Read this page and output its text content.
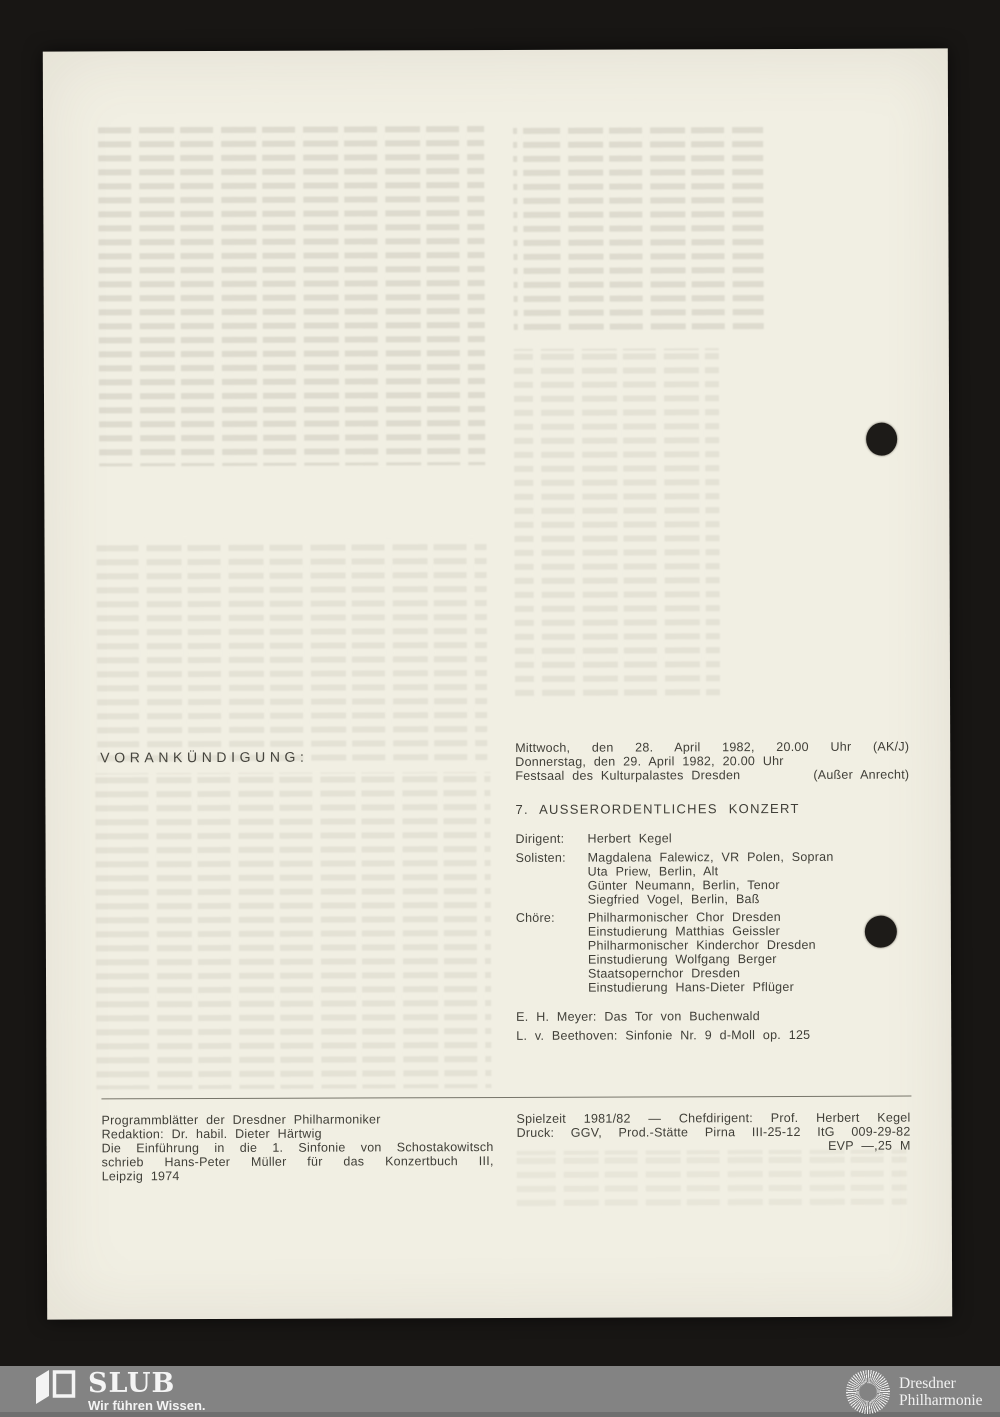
VORANKÜNDIGUNG:
Mittwoch, den 28. April 1982, 20.00 Uhr (AK/J)
Donnerstag, den 29. April 1982, 20.00 Uhr
Festsaal des Kulturpalastes Dresden	(Außer Anrecht)
7. AUSSERORDENTLICHES KONZERT
Dirigent:	Herbert Kegel
Solisten:	Magdalena Falewicz, VR Polen, Sopran
Uta Priew, Berlin, Alt
Günter Neumann, Berlin, Tenor
Siegfried Vogel, Berlin, Baß
Chöre:	Philharmonischer Chor Dresden
Einstudierung Matthias Geissler
Philharmonischer Kinderchor Dresden
Einstudierung Wolfgang Berger
Staatsopernchor Dresden
Einstudierung Hans-Dieter Pflüger
E. H. Meyer: Das Tor von Buchenwald
L. v. Beethoven: Sinfonie Nr. 9 d-Moll op. 125
Programmblätter der Dresdner Philharmoniker
Redaktion: Dr. habil. Dieter Härtwig
Die Einführung in die 1. Sinfonie von Schostakowitsch
schrieb Hans-Peter Müller für das Konzertbuch III,
Leipzig 1974
Spielzeit 1981/82 — Chefdirigent: Prof. Herbert Kegel
Druck: GGV, Prod.-Stätte Pirna III-25-12 ItG 009-29-82
EVP —,25 M
SLUB
Wir führen Wissen.
Dresdner
Philharmonie
